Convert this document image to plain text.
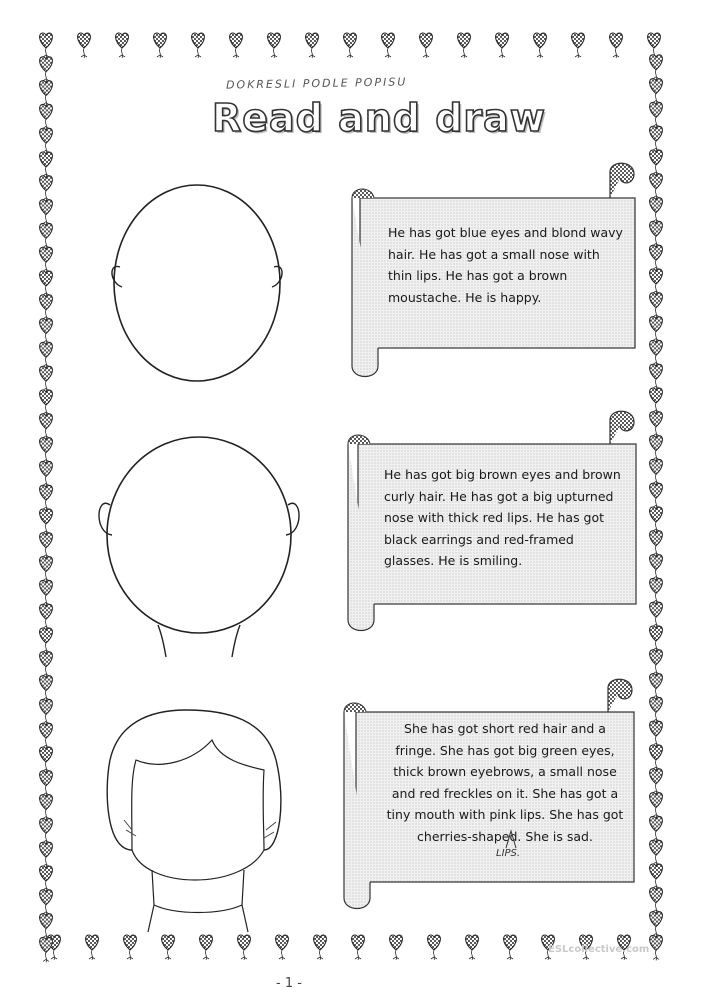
DOKRESLI PODLE POPISU
Read and draw
He has got blue eyes and blond wavy
hair. He has got a small nose with
thin lips. He has got a brown
moustache. He is happy.
He has got big brown eyes and brown
curly hair. He has got a big upturned
nose with thick red lips. He has got
black earrings and red-framed
glasses. He is smiling.
She has got short red hair and a
fringe. She has got big green eyes,
thick brown eyebrows, a small nose
and red freckles on it. She has got a
tiny mouth with pink lips. She has got
cherries-shaped. She is sad.
LIPS.
ESLcollective.com
- 1 -
